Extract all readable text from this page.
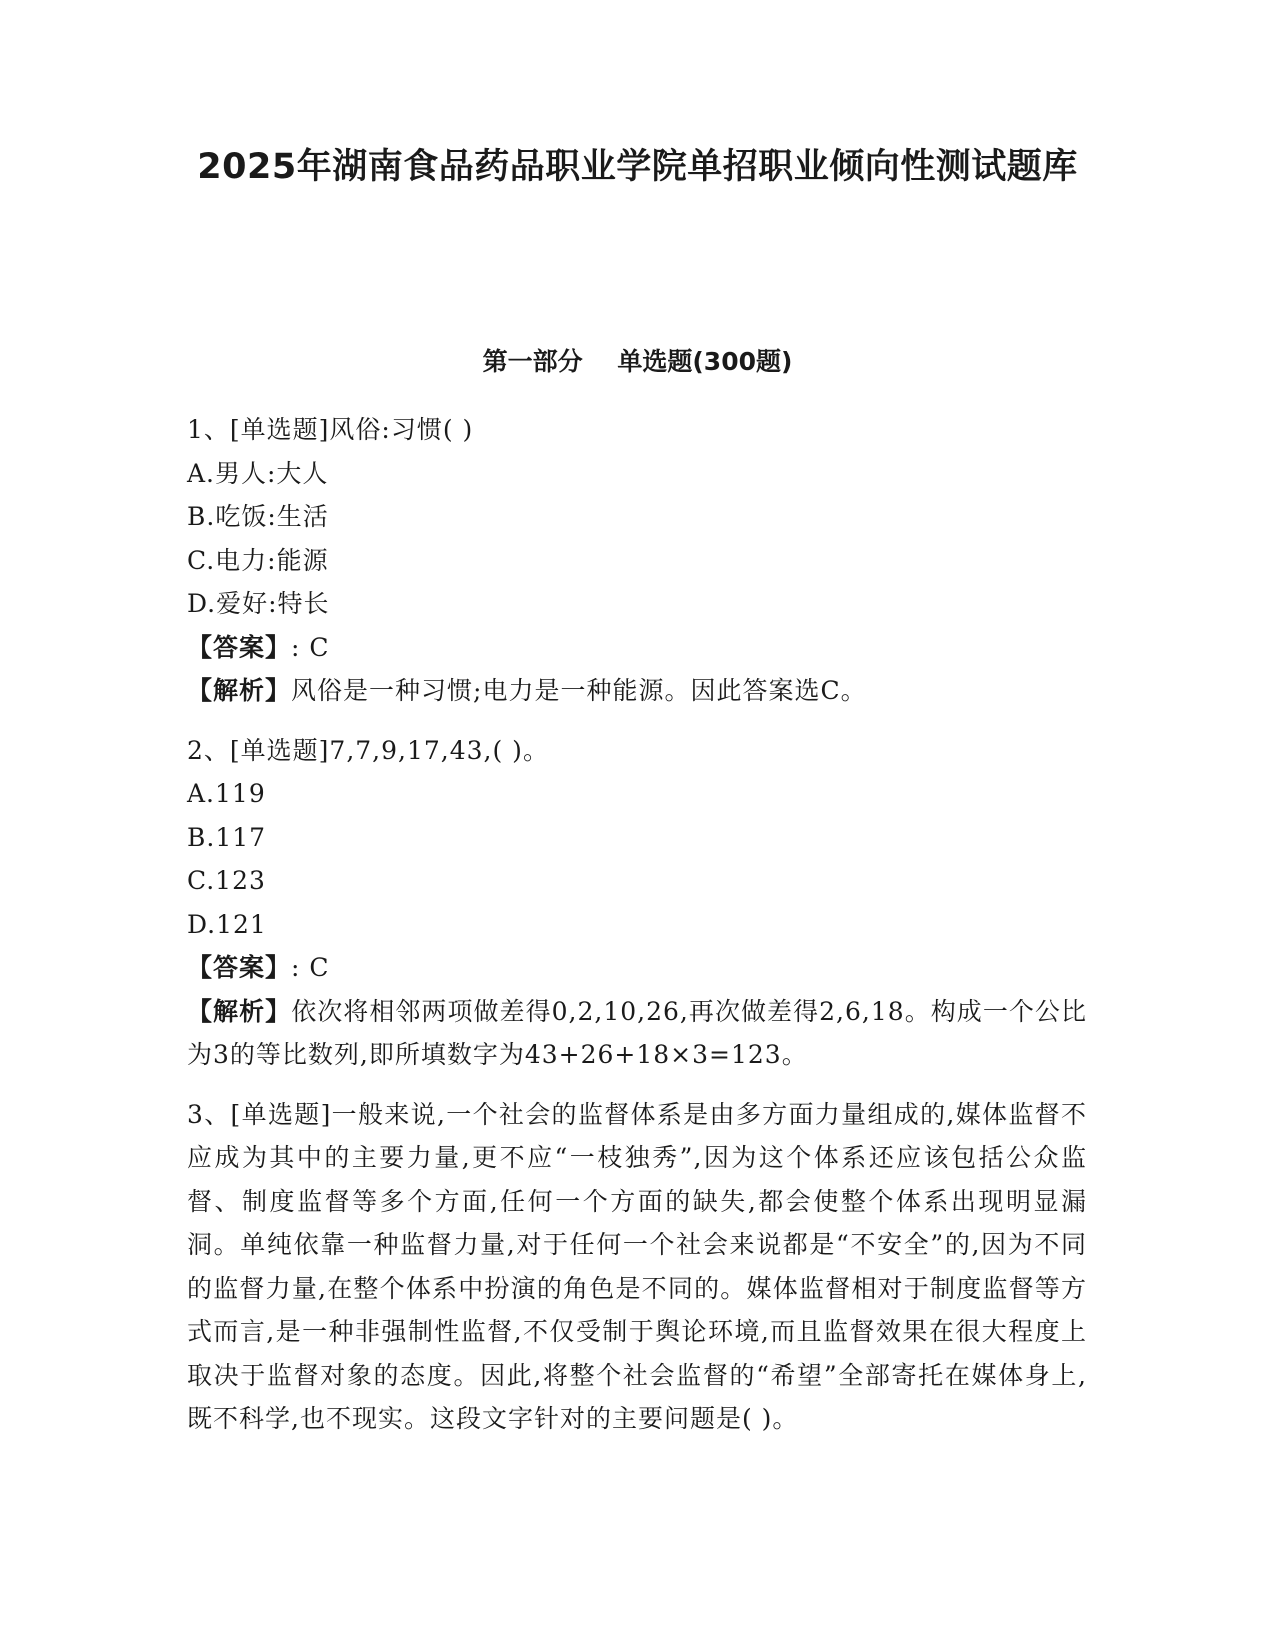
2025年湖南食品药品职业学院单招职业倾向性测试题库
第一部分    单选题(300题)
1、[单选题]风俗:习惯( )
A.男人:大人
B.吃饭:生活
C.电力:能源
D.爱好:特长
【答案】: C
【解析】风俗是一种习惯;电力是一种能源。因此答案选C。
2、[单选题]7,7,9,17,43,( )。
A.119
B.117
C.123
D.121
【答案】: C
【解析】依次将相邻两项做差得0,2,10,26,再次做差得2,6,18。构成一个公比为3的等比数列,即所填数字为43+26+18×3=123。
3、[单选题]一般来说,一个社会的监督体系是由多方面力量组成的,媒体监督不应成为其中的主要力量,更不应“一枝独秀”,因为这个体系还应该包括公众监督、制度监督等多个方面,任何一个方面的缺失,都会使整个体系出现明显漏洞。单纯依靠一种监督力量,对于任何一个社会来说都是“不安全”的,因为不同的监督力量,在整个体系中扮演的角色是不同的。媒体监督相对于制度监督等方式而言,是一种非强制性监督,不仅受制于舆论环境,而且监督效果在很大程度上取决于监督对象的态度。因此,将整个社会监督的“希望”全部寄托在媒体身上,既不科学,也不现实。这段文字针对的主要问题是( )。
